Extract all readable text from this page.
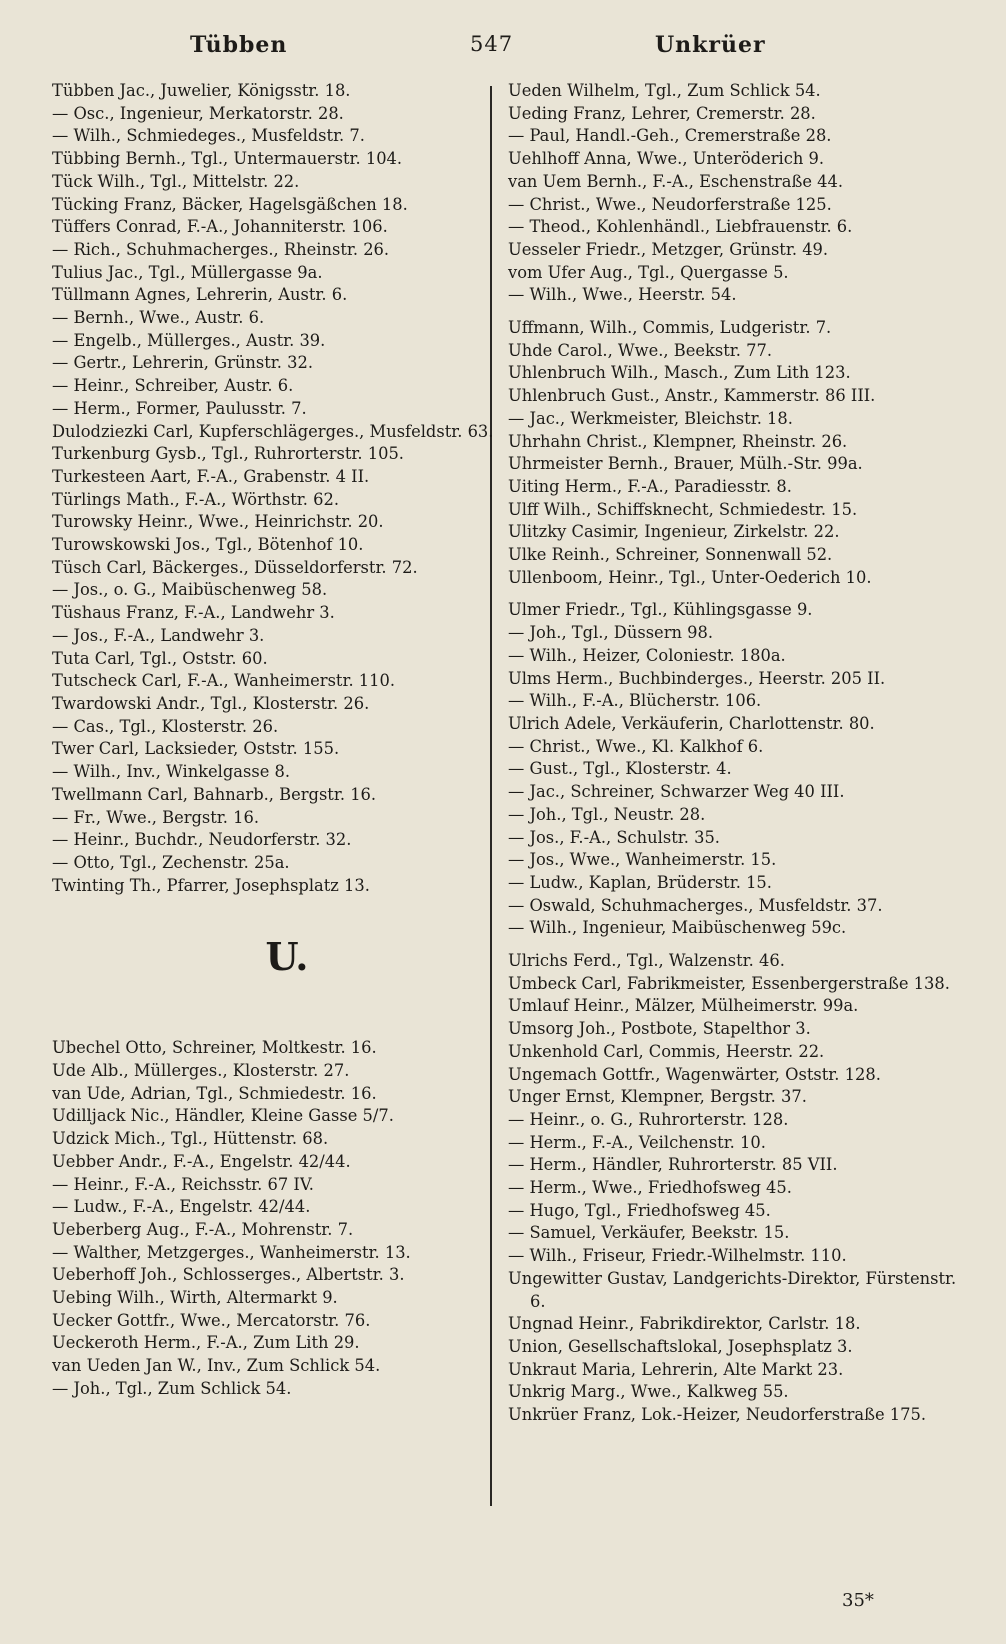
Tübben	547	Unkrüer
Tübben Jac., Juwelier, Königsstr. 18.
— Osc., Ingenieur, Merkatorstr. 28.
— Wilh., Schmiedeges., Musfeldstr. 7.
Tübbing Bernh., Tgl., Untermauerstr. 104.
Tück Wilh., Tgl., Mittelstr. 22.
Tücking Franz, Bäcker, Hagelsgäßchen 18.
Tüffers Conrad, F.-A., Johanniterstr. 106.
— Rich., Schuhmacherges., Rheinstr. 26.
Tulius Jac., Tgl., Müllergasse 9a.
Tüllmann Agnes, Lehrerin, Austr. 6.
— Bernh., Wwe., Austr. 6.
— Engelb., Müllerges., Austr. 39.
— Gertr., Lehrerin, Grünstr. 32.
— Heinr., Schreiber, Austr. 6.
— Herm., Former, Paulusstr. 7.
Dulodziezki Carl, Kupferschlägerges., Musfeldstr. 63.
Turkenburg Gysb., Tgl., Ruhrorterstr. 105.
Turkesteen Aart, F.-A., Grabenstr. 4 II.
Türlings Math., F.-A., Wörthstr. 62.
Turowsky Heinr., Wwe., Heinrichstr. 20.
Turowskowski Jos., Tgl., Bötenhof 10.
Tüsch Carl, Bäckerges., Düsseldorferstr. 72.
— Jos., o. G., Maibüschenweg 58.
Tüshaus Franz, F.-A., Landwehr 3.
— Jos., F.-A., Landwehr 3.
Tuta Carl, Tgl., Oststr. 60.
Tutscheck Carl, F.-A., Wanheimerstr. 110.
Twardowski Andr., Tgl., Klosterstr. 26.
— Cas., Tgl., Klosterstr. 26.
Twer Carl, Lacksieder, Oststr. 155.
— Wilh., Inv., Winkelgasse 8.
Twellmann Carl, Bahnarb., Bergstr. 16.
— Fr., Wwe., Bergstr. 16.
— Heinr., Buchdr., Neudorferstr. 32.
— Otto, Tgl., Zechenstr. 25a.
Twinting Th., Pfarrer, Josephsplatz 13.
U.
Ubechel Otto, Schreiner, Moltkestr. 16.
Ude Alb., Müllerges., Klosterstr. 27.
van Ude, Adrian, Tgl., Schmiedestr. 16.
Udilljack Nic., Händler, Kleine Gasse 5/7.
Udzick Mich., Tgl., Hüttenstr. 68.
Uebber Andr., F.-A., Engelstr. 42/44.
— Heinr., F.-A., Reichsstr. 67 IV.
— Ludw., F.-A., Engelstr. 42/44.
Ueberberg Aug., F.-A., Mohrenstr. 7.
— Walther, Metzgerges., Wanheimerstr. 13.
Ueberhoff Joh., Schlosserges., Albertstr. 3.
Uebing Wilh., Wirth, Altermarkt 9.
Uecker Gottfr., Wwe., Mercatorstr. 76.
Ueckeroth Herm., F.-A., Zum Lith 29.
van Ueden Jan W., Inv., Zum Schlick 54.
— Joh., Tgl., Zum Schlick 54.
Ueden Wilhelm, Tgl., Zum Schlick 54.
Ueding Franz, Lehrer, Cremerstr. 28.
— Paul, Handl.-Geh., Cremerstraße 28.
Uehlhoff Anna, Wwe., Unteröderich 9.
van Uem Bernh., F.-A., Eschenstraße 44.
— Christ., Wwe., Neudorferstraße 125.
— Theod., Kohlenhändl., Liebfrauenstr. 6.
Uesseler Friedr., Metzger, Grünstr. 49.
vom Ufer Aug., Tgl., Quergasse 5.
— Wilh., Wwe., Heerstr. 54.
Uffmann, Wilh., Commis, Ludgeristr. 7.
Uhde Carol., Wwe., Beekstr. 77.
Uhlenbruch Wilh., Masch., Zum Lith 123.
Uhlenbruch Gust., Anstr., Kammerstr. 86 III.
— Jac., Werkmeister, Bleichstr. 18.
Uhrhahn Christ., Klempner, Rheinstr. 26.
Uhrmeister Bernh., Brauer, Mülh.-Str. 99a.
Uiting Herm., F.-A., Paradiesstr. 8.
Ulff Wilh., Schiffsknecht, Schmiedestr. 15.
Ulitzky Casimir, Ingenieur, Zirkelstr. 22.
Ulke Reinh., Schreiner, Sonnenwall 52.
Ullenboom, Heinr., Tgl., Unter-Oederich 10.
Ulmer Friedr., Tgl., Kühlingsgasse 9.
— Joh., Tgl., Düssern 98.
— Wilh., Heizer, Coloniestr. 180a.
Ulms Herm., Buchbinderges., Heerstr. 205 II.
— Wilh., F.-A., Blücherstr. 106.
Ulrich Adele, Verkäuferin, Charlottenstr. 80.
— Christ., Wwe., Kl. Kalkhof 6.
— Gust., Tgl., Klosterstr. 4.
— Jac., Schreiner, Schwarzer Weg 40 III.
— Joh., Tgl., Neustr. 28.
— Jos., F.-A., Schulstr. 35.
— Jos., Wwe., Wanheimerstr. 15.
— Ludw., Kaplan, Brüderstr. 15.
— Oswald, Schuhmacherges., Musfeldstr. 37.
— Wilh., Ingenieur, Maibüschenweg 59c.
Ulrichs Ferd., Tgl., Walzenstr. 46.
Umbeck Carl, Fabrikmeister, Essenbergerstraße 138.
Umlauf Heinr., Mälzer, Mülheimerstr. 99a.
Umsorg Joh., Postbote, Stapelthor 3.
Unkenhold Carl, Commis, Heerstr. 22.
Ungemach Gottfr., Wagenwärter, Oststr. 128.
Unger Ernst, Klempner, Bergstr. 37.
— Heinr., o. G., Ruhrorterstr. 128.
— Herm., F.-A., Veilchenstr. 10.
— Herm., Händler, Ruhrorterstr. 85 VII.
— Herm., Wwe., Friedhofsweg 45.
— Hugo, Tgl., Friedhofsweg 45.
— Samuel, Verkäufer, Beekstr. 15.
— Wilh., Friseur, Friedr.-Wilhelmstr. 110.
Ungewitter Gustav, Landgerichts-Direktor, Fürstenstr. 6.
Ungnad Heinr., Fabrikdirektor, Carlstr. 18.
Union, Gesellschaftslokal, Josephsplatz 3.
Unkraut Maria, Lehrerin, Alte Markt 23.
Unkrig Marg., Wwe., Kalkweg 55.
Unkrüer Franz, Lok.-Heizer, Neudorferstraße 175.
35*
